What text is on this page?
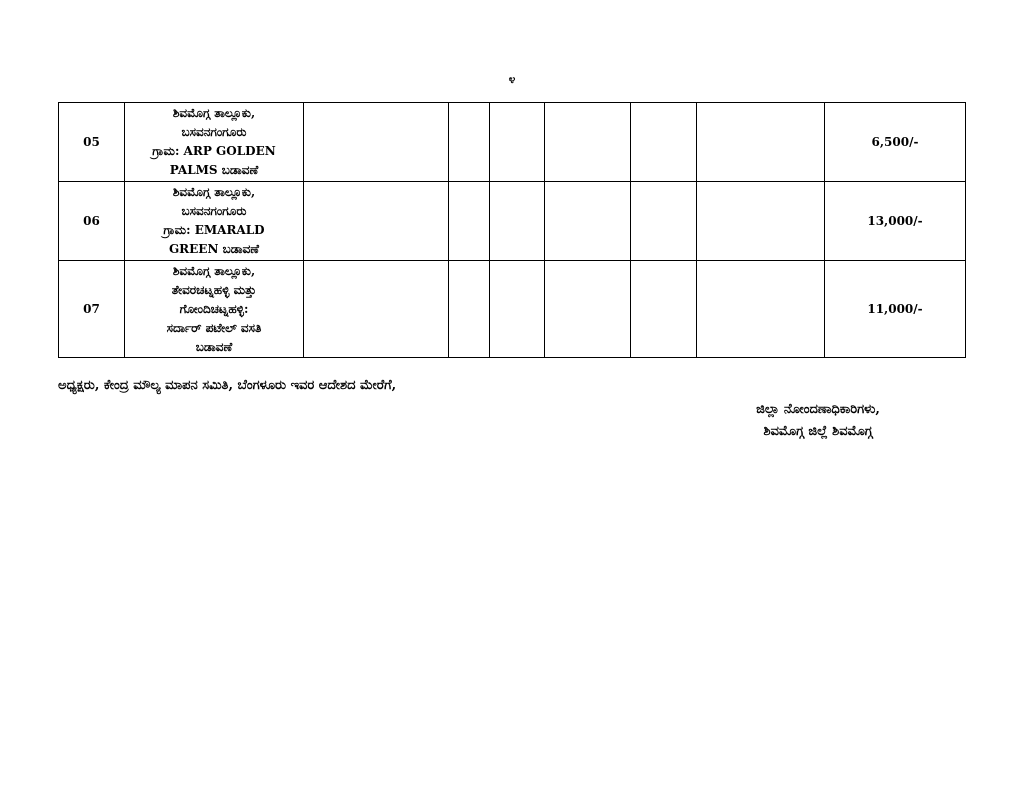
೪
05	ಶಿವಮೊಗ್ಗ ತಾಲ್ಲೂಕು,
ಬಸವನಗಂಗೂರು
ಗ್ರಾಮ: ARP GOLDEN
PALMS ಬಡಾವಣೆ							6,500/-
06	ಶಿವಮೊಗ್ಗ ತಾಲ್ಲೂಕು,
ಬಸವನಗಂಗೂರು
ಗ್ರಾಮ: EMARALD
GREEN ಬಡಾವಣೆ							13,000/-
07	ಶಿವಮೊಗ್ಗ ತಾಲ್ಲೂಕು,
ತೇವರಚಟ್ನಹಳ್ಳಿ ಮತ್ತು
ಗೋಂದಿಚಟ್ನಹಳ್ಳಿ:
ಸರ್ದಾರ್ ಪಟೇಲ್ ವಸತಿ
ಬಡಾವಣೆ							11,000/-
ಅಧ್ಯಕ್ಷರು, ಕೇಂದ್ರ ಮೌಲ್ಯ ಮಾಪನ ಸಮಿತಿ, ಬೆಂಗಳೂರು ಇವರ ಆದೇಶದ ಮೇರೆಗೆ,
ಜಿಲ್ಲಾ ನೋಂದಣಾಧಿಕಾರಿಗಳು,
ಶಿವಮೊಗ್ಗ ಜಿಲ್ಲೆ ಶಿವಮೊಗ್ಗ
